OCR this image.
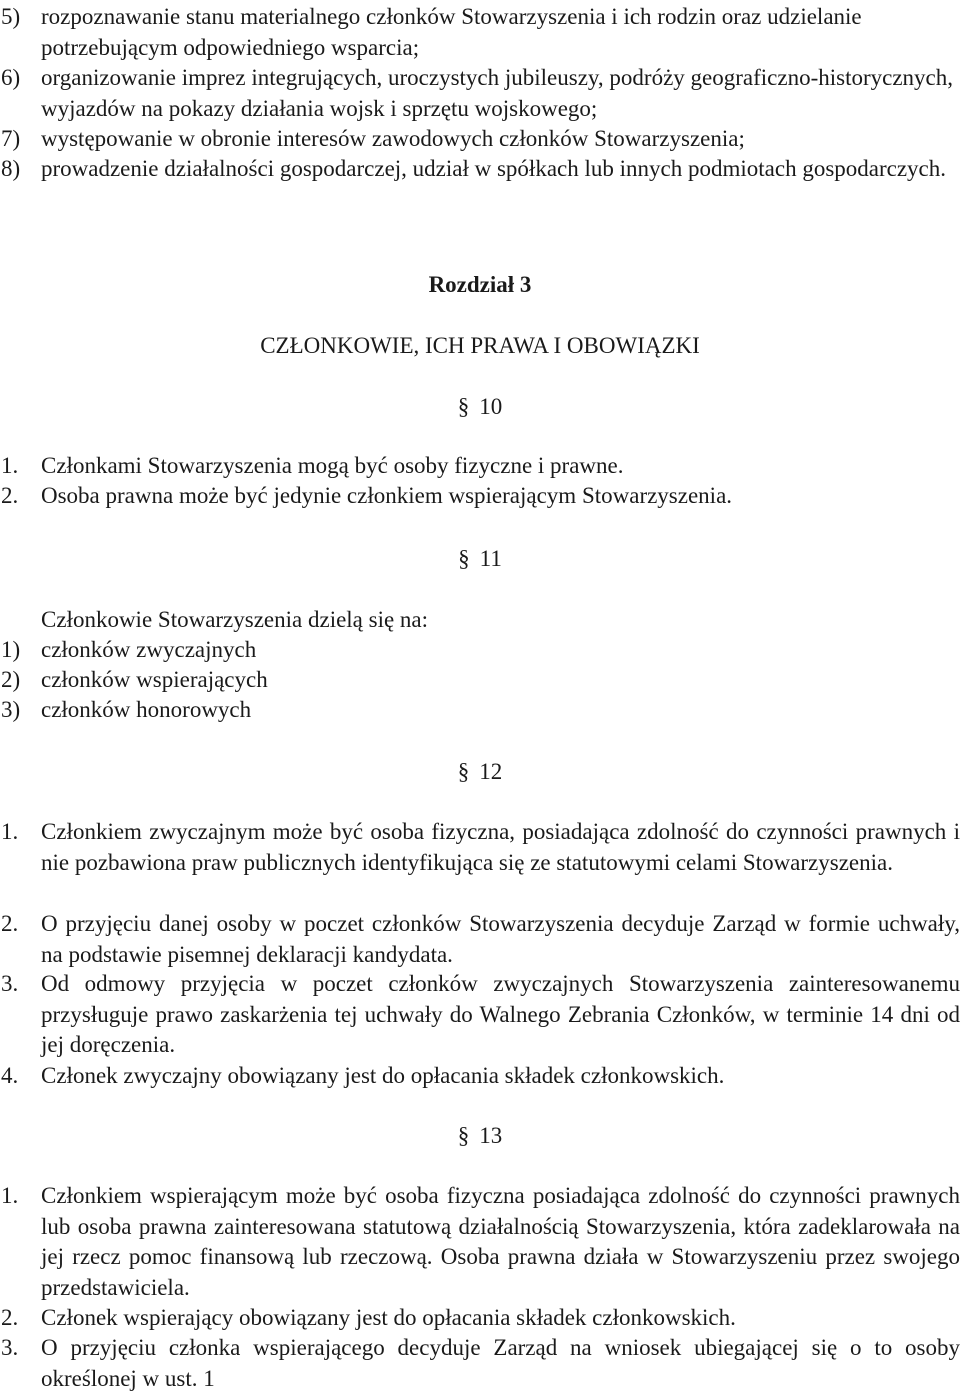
5) rozpoznawanie stanu materialnego członków Stowarzyszenia i ich rodzin oraz udzielanie potrzebującym odpowiedniego wsparcia;
6) organizowanie imprez integrujących, uroczystych jubileuszy, podróży geograficzno-historycznych, wyjazdów na pokazy działania wojsk i sprzętu wojskowego;
7) występowanie w obronie interesów zawodowych członków Stowarzyszenia;
8) prowadzenie działalności gospodarczej, udział w spółkach lub innych podmiotach gospodarczych.
Rozdział 3
CZŁONKOWIE, ICH PRAWA I OBOWIĄZKI
§ 10
1. Członkami Stowarzyszenia mogą być osoby fizyczne i prawne.
2. Osoba prawna może być jedynie członkiem wspierającym Stowarzyszenia.
§ 11
Członkowie Stowarzyszenia dzielą się na:
1) członków zwyczajnych
2) członków wspierających
3) członków honorowych
§ 12
1. Członkiem zwyczajnym może być osoba fizyczna, posiadająca zdolność do czynności prawnych i nie pozbawiona praw publicznych identyfikująca się ze statutowymi celami Stowarzyszenia.
2. O przyjęciu danej osoby w poczet członków Stowarzyszenia decyduje Zarząd w formie uchwały, na podstawie pisemnej deklaracji kandydata.
3. Od odmowy przyjęcia w poczet członków zwyczajnych Stowarzyszenia zainteresowanemu przysługuje prawo zaskarżenia tej uchwały do Walnego Zebrania Członków, w terminie 14 dni od jej doręczenia.
4. Członek zwyczajny obowiązany jest do opłacania składek członkowskich.
§ 13
1. Członkiem wspierającym może być osoba fizyczna posiadająca zdolność do czynności prawnych lub osoba prawna zainteresowana statutową działalnością Stowarzyszenia, która zadeklarowała na jej rzecz pomoc finansową lub rzeczową. Osoba prawna działa w Stowarzyszeniu przez swojego przedstawiciela.
2. Członek wspierający obowiązany jest do opłacania składek członkowskich.
3. O przyjęciu członka wspierającego decyduje Zarząd na wniosek ubiegającej się o to osoby określonej w ust. 1
